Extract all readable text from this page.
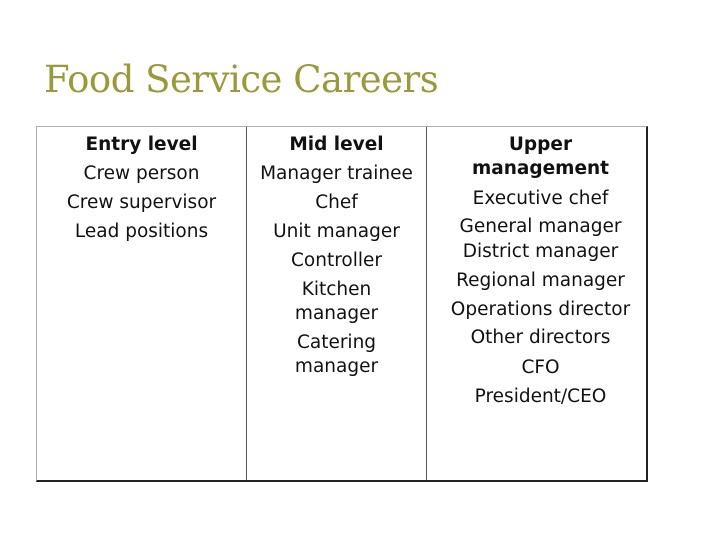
Food Service Careers
Entry level
Crew person
Crew supervisor
Lead positions
Mid level
Manager trainee
Chef
Unit manager
Controller
Kitchen manager
Catering manager
Upper management
Executive chef
General manager
District manager
Regional manager
Operations director
Other directors
CFO
President/CEO
